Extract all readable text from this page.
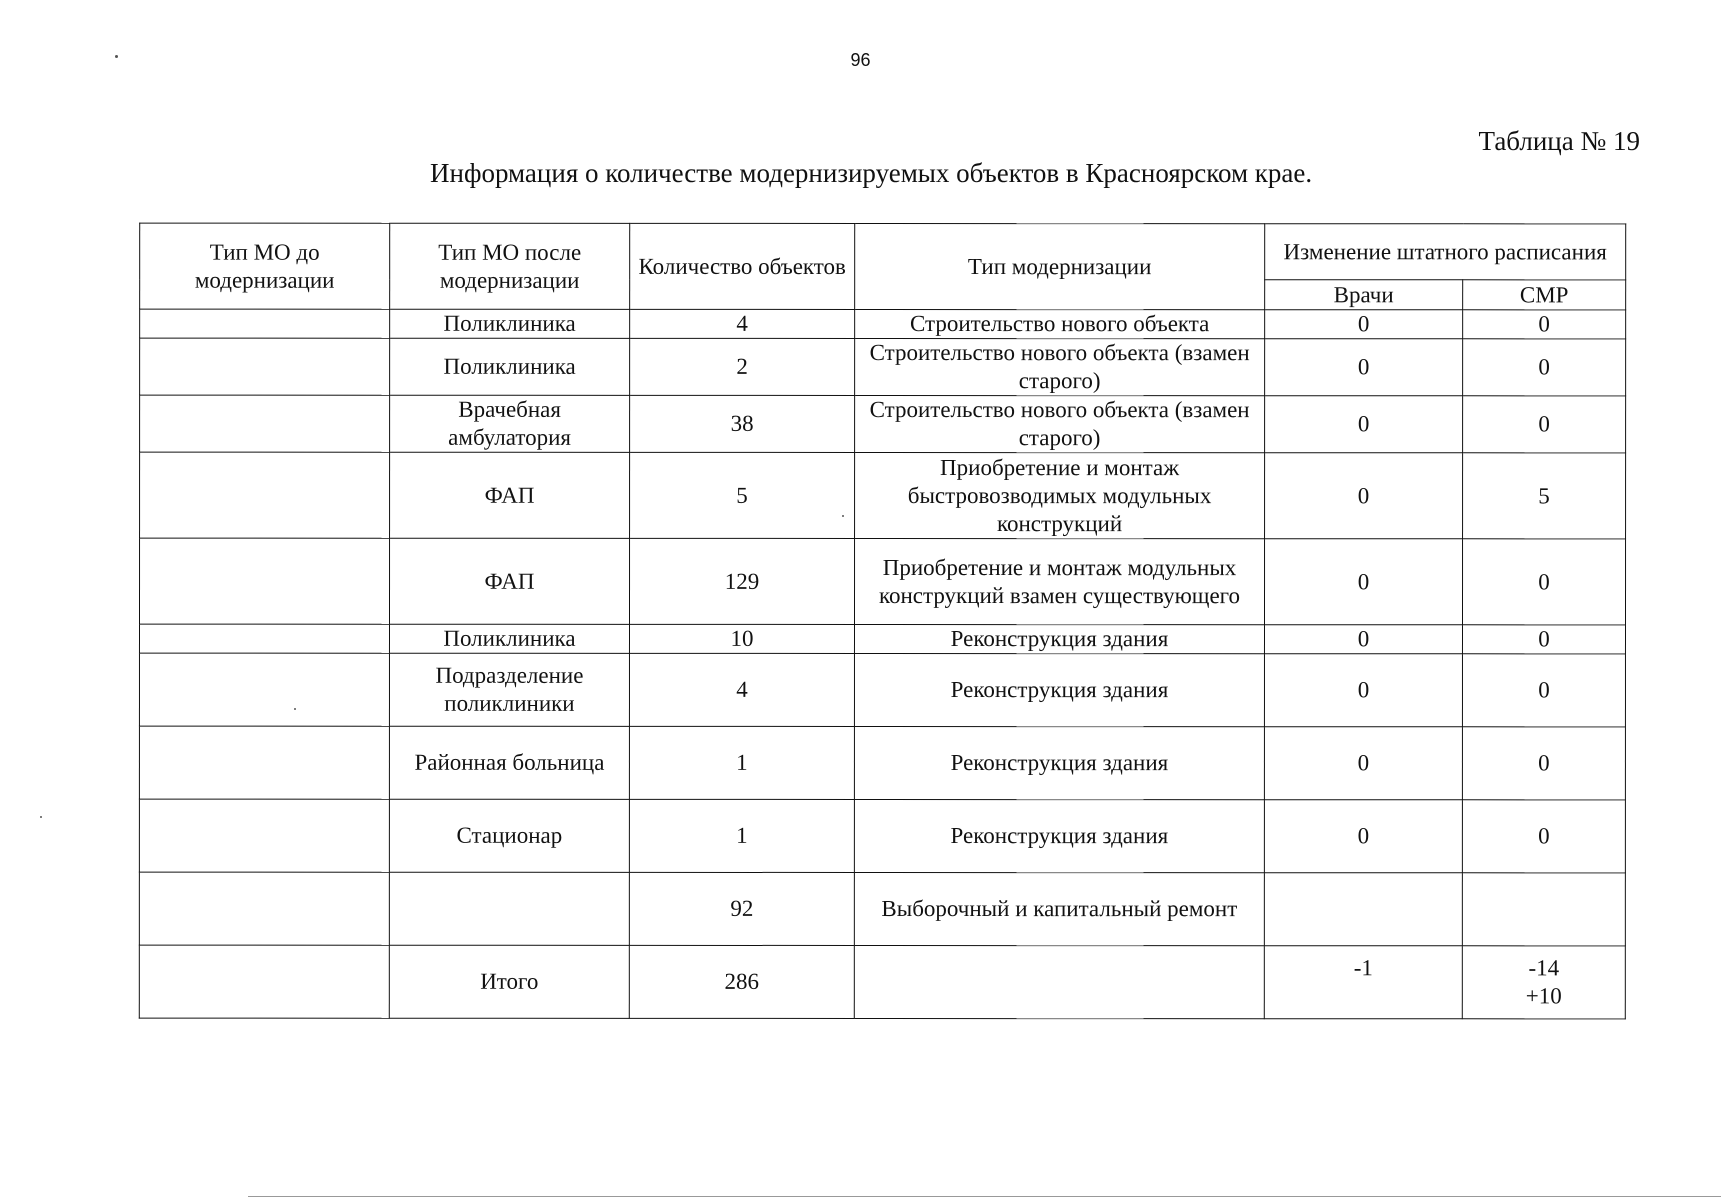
96
Таблица № 19
Информация о количестве модернизируемых объектов в Красноярском крае.
Тип МО до модернизации	Тип МО после модернизации	Количество объектов	Тип модернизации	Изменение штатного расписания	
				Врачи	СМР
	Поликлиника	4	Строительство нового объекта	0	0
	Поликлиника	2	Строительство нового объекта (взамен старого)	0	0
	Врачебная амбулатория	38	Строительство нового объекта (взамен старого)	0	0
	ФАП	5	Приобретение и монтаж быстровозводимых модульных конструкций	0	5
	ФАП	129	Приобретение и монтаж модульных конструкций взамен существующего	0	0
	Поликлиника	10	Реконструкция здания	0	0
	Подразделение поликлиники	4	Реконструкция здания	0	0
	Районная больница	1	Реконструкция здания	0	0
	Стационар	1	Реконструкция здания	0	0
		92	Выборочный и капитальный ремонт		
	Итого	286		-1	-14
+10
